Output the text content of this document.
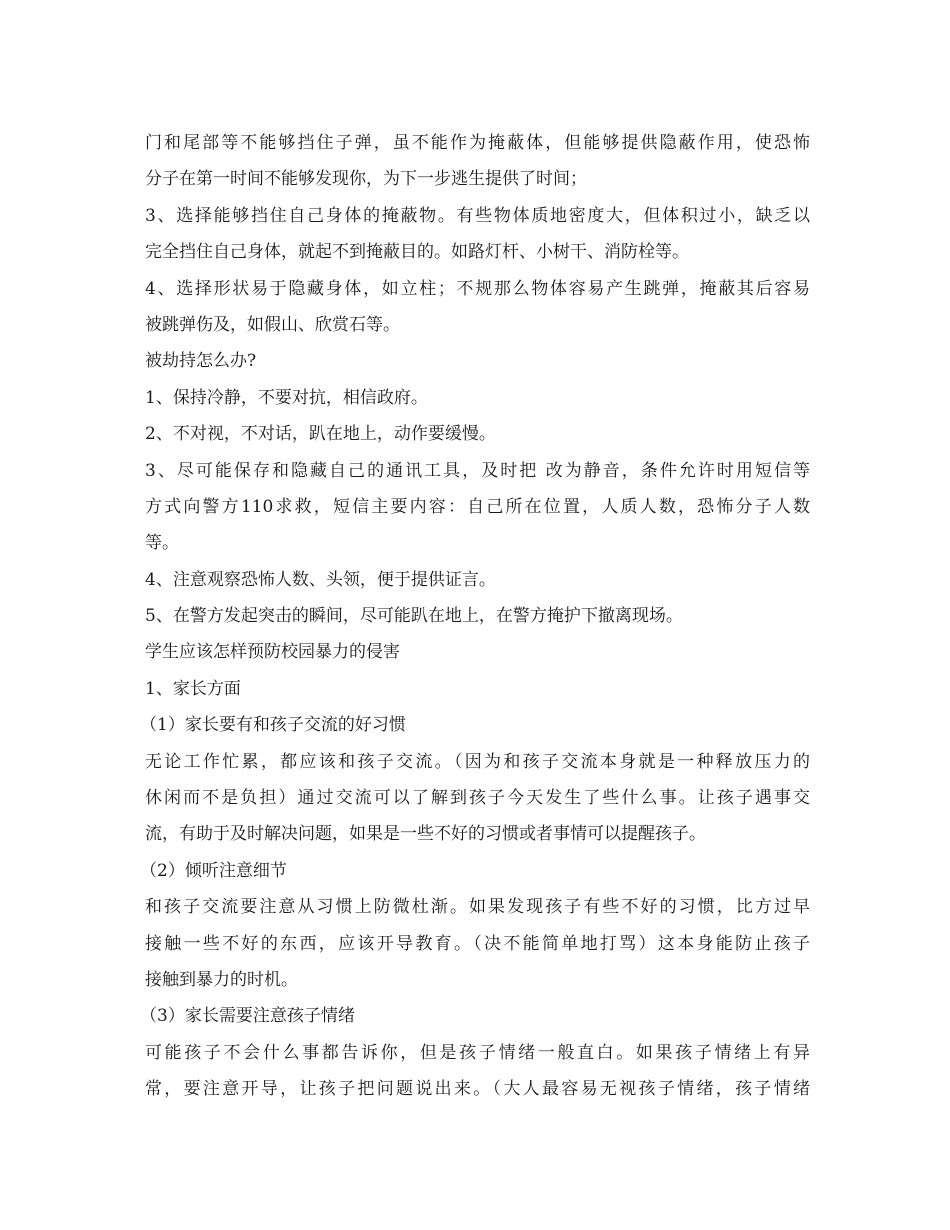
门和尾部等不能够挡住子弹，虽不能作为掩蔽体，但能够提供隐蔽作用，使恐怖
分子在第一时间不能够发现你，为下一步逃生提供了时间；
3、选择能够挡住自己身体的掩蔽物。有些物体质地密度大，但体积过小，缺乏以
完全挡住自己身体，就起不到掩蔽目的。如路灯杆、小树干、消防栓等。
4、选择形状易于隐藏身体，如立柱；不规那么物体容易产生跳弹，掩蔽其后容易
被跳弹伤及，如假山、欣赏石等。
被劫持怎么办?
1、保持冷静，不要对抗，相信政府。
2、不对视，不对话，趴在地上，动作要缓慢。
3、尽可能保存和隐藏自己的通讯工具，及时把 改为静音，条件允许时用短信等
方式向警方110求救，短信主要内容：自己所在位置，人质人数，恐怖分子人数
等。
4、注意观察恐怖人数、头领，便于提供证言。
5、在警方发起突击的瞬间，尽可能趴在地上，在警方掩护下撤离现场。
学生应该怎样预防校园暴力的侵害
1、家长方面
（1）家长要有和孩子交流的好习惯
无论工作忙累，都应该和孩子交流。（因为和孩子交流本身就是一种释放压力的
休闲而不是负担）通过交流可以了解到孩子今天发生了些什么事。让孩子遇事交
流，有助于及时解决问题，如果是一些不好的习惯或者事情可以提醒孩子。
（2）倾听注意细节
和孩子交流要注意从习惯上防微杜渐。如果发现孩子有些不好的习惯，比方过早
接触一些不好的东西，应该开导教育。（决不能简单地打骂）这本身能防止孩子
接触到暴力的时机。
（3）家长需要注意孩子情绪
可能孩子不会什么事都告诉你，但是孩子情绪一般直白。如果孩子情绪上有异
常，要注意开导，让孩子把问题说出来。（大人最容易无视孩子情绪，孩子情绪
